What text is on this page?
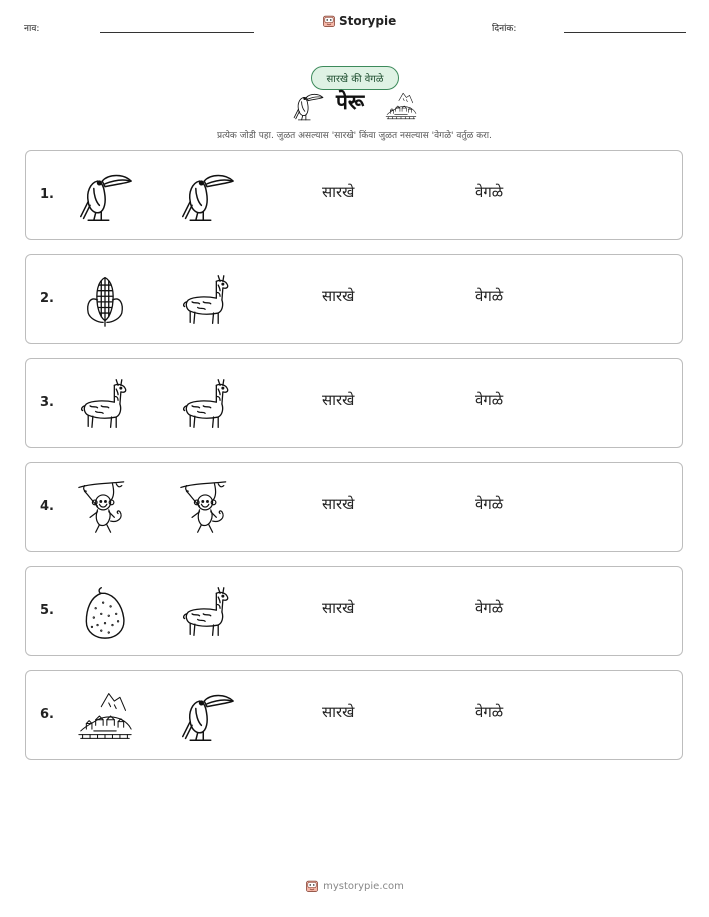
नाव:
Storypie
दिनांक:
सारखे की वेगळे
पेरू
प्रत्येक जोडी पहा. जुळत असल्यास 'सारखे' किंवा जुळत नसल्यास 'वेगळे' वर्तुळ करा.
1.	सारखे	वेगळे
2.	सारखे	वेगळे
3.	सारखे	वेगळे
4.	सारखे	वेगळे
5.	सारखे	वेगळे
6.	सारखे	वेगळे
mystorypie.com
